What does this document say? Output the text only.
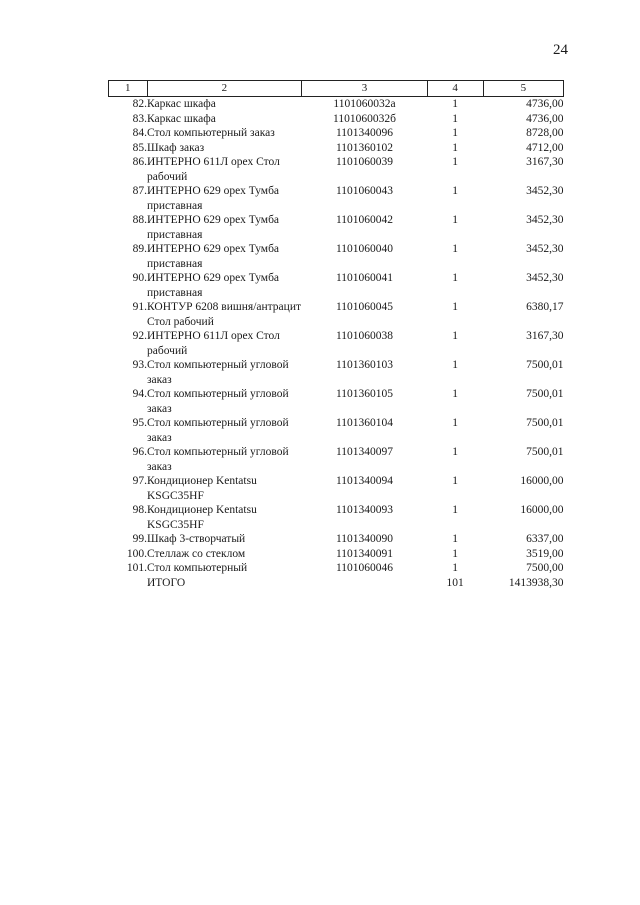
24
1	2	3	4	5
82.	Каркас шкафа	1101060032а	1	4736,00
83.	Каркас шкафа	1101060032б	1	4736,00
84.	Стол компьютерный заказ	1101340096	1	8728,00
85.	Шкаф заказ	1101360102	1	4712,00
86.	ИНТЕРНО 611Л орех Стол рабочий	1101060039	1	3167,30
87.	ИНТЕРНО 629 орех Тумба приставная	1101060043	1	3452,30
88.	ИНТЕРНО 629 орех Тумба приставная	1101060042	1	3452,30
89.	ИНТЕРНО 629 орех Тумба приставная	1101060040	1	3452,30
90.	ИНТЕРНО 629 орех Тумба приставная	1101060041	1	3452,30
91.	КОНТУР 6208 вишня/антрацит Стол рабочий	1101060045	1	6380,17
92.	ИНТЕРНО 611Л орех Стол рабочий	1101060038	1	3167,30
93.	Стол компьютерный угловой заказ	1101360103	1	7500,01
94.	Стол компьютерный угловой заказ	1101360105	1	7500,01
95.	Стол компьютерный угловой заказ	1101360104	1	7500,01
96.	Стол компьютерный угловой заказ	1101340097	1	7500,01
97.	Кондиционер Kentatsu KSGC35HF	1101340094	1	16000,00
98.	Кондиционер Kentatsu KSGC35HF	1101340093	1	16000,00
99.	Шкаф 3-створчатый	1101340090	1	6337,00
100.	Стеллаж со стеклом	1101340091	1	3519,00
101.	Стол компьютерный	1101060046	1	7500,00
	ИТОГО		101	1413938,30
